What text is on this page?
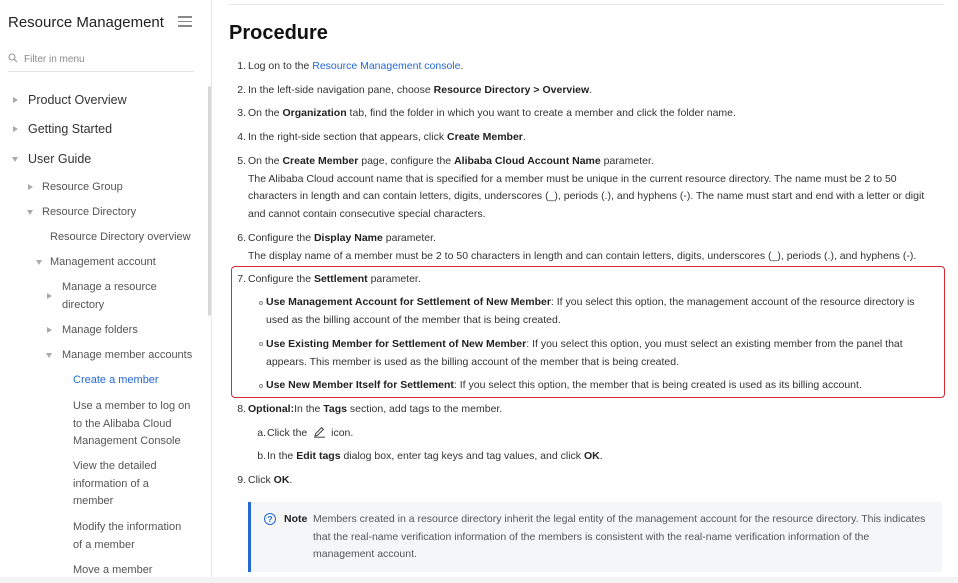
Resource Management
Filter in menu
Product Overview
Getting Started
User Guide
Resource Group
Resource Directory
Resource Directory overview
Management account
Manage a resource directory
Manage folders
Manage member accounts
Create a member
Use a member to log on to the Alibaba Cloud Management Console
View the detailed information of a member
Modify the information of a member
Move a member
Procedure
1. Log on to the Resource Management console.
2. In the left-side navigation pane, choose Resource Directory > Overview.
3. On the Organization tab, find the folder in which you want to create a member and click the folder name.
4. In the right-side section that appears, click Create Member.
5. On the Create Member page, configure the Alibaba Cloud Account Name parameter.
The Alibaba Cloud account name that is specified for a member must be unique in the current resource directory. The name must be 2 to 50 characters in length and can contain letters, digits, underscores (_), periods (.), and hyphens (-). The name must start and end with a letter or digit and cannot contain consecutive special characters.
6. Configure the Display Name parameter.
The display name of a member must be 2 to 50 characters in length and can contain letters, digits, underscores (_), periods (.), and hyphens (-).
7. Configure the Settlement parameter.
Use Management Account for Settlement of New Member: If you select this option, the management account of the resource directory is used as the billing account of the member that is being created.
Use Existing Member for Settlement of New Member: If you select this option, you must select an existing member from the panel that appears. This member is used as the billing account of the member that is being created.
Use New Member Itself for Settlement: If you select this option, the member that is being created is used as its billing account.
8. Optional:In the Tags section, add tags to the member.
a. Click the  icon.
b. In the Edit tags dialog box, enter tag keys and tag values, and click OK.
9. Click OK.
?	Note Members created in a resource directory inherit the legal entity of the management account for the resource directory. This indicates that the real-name verification information of the members is consistent with the real-name verification information of the management account.
